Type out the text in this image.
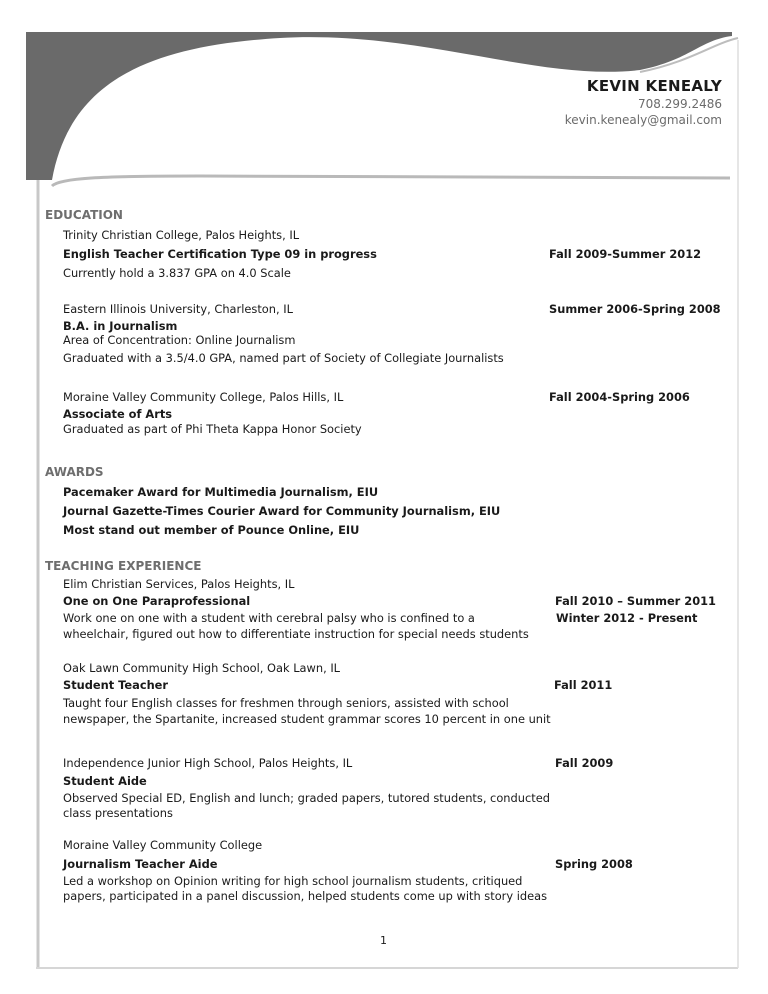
KEVIN KENEALY
708.299.2486
kevin.kenealy@gmail.com
EDUCATION
Trinity Christian College, Palos Heights, IL
English Teacher Certification Type 09 in progress	Fall 2009-Summer 2012
Currently hold a 3.837 GPA on 4.0 Scale
Eastern Illinois University, Charleston, IL	Summer 2006-Spring 2008
B.A. in Journalism
Area of Concentration: Online Journalism
Graduated with a 3.5/4.0 GPA, named part of Society of Collegiate Journalists
Moraine Valley Community College, Palos Hills, IL	Fall 2004-Spring 2006
Associate of Arts
Graduated as part of Phi Theta Kappa Honor Society
AWARDS
Pacemaker Award for Multimedia Journalism, EIU
Journal Gazette-Times Courier Award for Community Journalism, EIU
Most stand out member of Pounce Online, EIU
TEACHING EXPERIENCE
Elim Christian Services, Palos Heights, IL
One on One Paraprofessional	Fall 2010 – Summer 2011
Work one on one with a student with cerebral palsy who is confined to a	Winter 2012 - Present
wheelchair, figured out how to differentiate instruction for special needs students
Oak Lawn Community High School, Oak Lawn, IL
Student Teacher	Fall 2011
Taught four English classes for freshmen through seniors, assisted with school
newspaper, the Spartanite, increased student grammar scores 10 percent in one unit
Independence Junior High School, Palos Heights, IL	Fall 2009
Student Aide
Observed Special ED, English and lunch; graded papers, tutored students, conducted
class presentations
Moraine Valley Community College
Journalism Teacher Aide	Spring 2008
Led a workshop on Opinion writing for high school journalism students, critiqued
papers, participated in a panel discussion, helped students come up with story ideas
1
